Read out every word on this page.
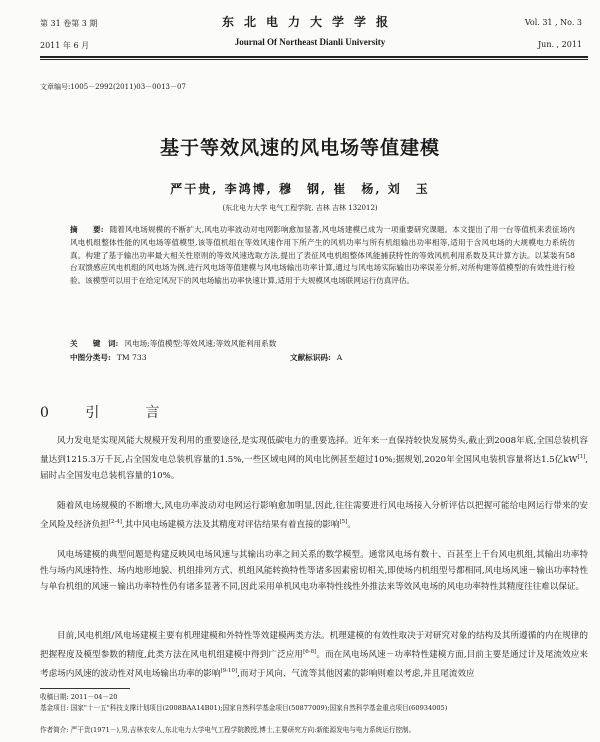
第 31 卷第 3 期
2011 年 6 月
东北电力大学学报
Journal Of Northeast Dianli University
Vol. 31 , No. 3
Jun. , 2011
文章编号:1005－2992(2011)03－0013－07
基于等效风速的风电场等值建模
严干贵, 李鸿博, 穆　钢, 崔　杨, 刘　玉
(东北电力大学 电气工程学院, 吉林 吉林 132012)
摘　　要: 随着风电场规模的不断扩大,风电功率波动对电网影响愈加显著,风电场建模已成为一项重要研究课题。本文提出了用一台等值机来表征场内风电机组整体性能的风电场等值模型,该等值机组在等效风速作用下所产生的风机功率与所有机组输出功率相等,适用于含风电场的大规模电力系统仿真。构建了基于输出功率最大相关性原则的等效风速选取方法,提出了表征风电机组整体风能捕获特性的等效风机利用系数及其计算方法。以某装有58台双馈感应风电机组的风电场为例,进行风电场等值建模与风电场输出功率计算,通过与风电场实际输出功率误差分析,对所构建等值模型的有效性进行检验。该模型可以用于在给定风况下的风电场输出功率快速计算,适用于大规模风电场联网运行仿真评估。
关　　键　词: 风电场;等值模型;等效风速;等效风能利用系数
中图分类号: TM 733	文献标识码: A
0 引　言

风力发电是实现风能大规模开发利用的重要途径,是实现低碳电力的重要选择。近年来一直保持较快发展势头,截止到2008年底,全国总装机容量达到1215.3万千瓦,占全国发电总装机容量的1.5%,一些区域电网的风电比例甚至超过10%;据规划,2020年全国风电装机容量将达1.5亿kW[1],届时占全国发电总装机容量的10%。

随着风电场规模的不断增大,风电功率波动对电网运行影响愈加明显,因此,往往需要进行风电场接入分析评估以把握可能给电网运行带来的安全风险及经济负担[2-4],其中风电场建模方法及其精度对评估结果有着直接的影响[5]。

风电场建模的典型问题是构建反映风电场风速与其输出功率之间关系的数学模型。通常风电场有数十、百甚至上千台风电机组,其输出功率特性与场内风速特性、场内地形地貌、机组排列方式、机组风能转换特性等诸多因素密切相关,即使场内机组型号都相同,风电场风速－输出功率特性与单台机组的风速－输出功率特性仍有诸多显著不同,因此采用单机风电功率特性线性外推法来等效风电场的风电功率特性其精度往往难以保证。

目前,风电机组/风电场建模主要有机理建模和外特性等效建模两类方法。机理建模的有效性取决于对研究对象的结构及其所遵循的内在规律的把握程度及模型参数的精度,此类方法在风电机组建模中得到广泛应用[6-8]。而在风电场风速－功率特性建模方面,目前主要是通过计及尾流效应来考虑场内风速的波动性对风电场输出功率的影响[9-10],而对于风向、气流等其他因素的影响则难以考虑,并且尾流效应

收稿日期: 2011－04－20
基金项目: 国家"十一五"科技支撑计划项目(2008BAA14B01);国家自然科学基金项目(50877009);国家自然科学基金重点项目(60934005)
作者简介: 严干贵(1971－),男,吉林农安人,东北电力大学电气工程学院教授,博士,主要研究方向:新能源发电与电力系统运行控制。
